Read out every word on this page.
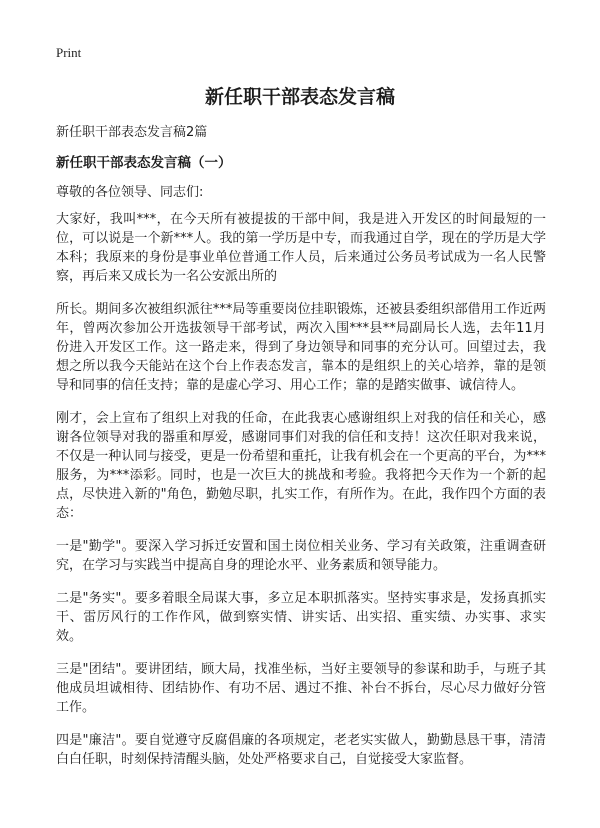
Print
新任职干部表态发言稿
新任职干部表态发言稿2篇
新任职干部表态发言稿（一）
尊敬的各位领导、同志们:

大家好，我叫***，在今天所有被提拔的干部中间，我是进入开发区的时间最短的一位，可以说是一个新***人。我的第一学历是中专，而我通过自学，现在的学历是大学本科；我原来的身份是事业单位普通工作人员，后来通过公务员考试成为一名人民警察，再后来又成长为一名公安派出所的

所长。期间多次被组织派往***局等重要岗位挂职锻炼，还被县委组织部借用工作近两年，曾两次参加公开选拔领导干部考试，两次入围***县**局副局长人选，去年11月份进入开发区工作。这一路走来，得到了身边领导和同事的充分认可。回望过去，我想之所以我今天能站在这个台上作表态发言，靠本的是组织上的关心培养，靠的是领导和同事的信任支持；靠的是虚心学习、用心工作；靠的是踏实做事、诚信待人。

刚才，会上宣布了组织上对我的任命，在此我衷心感谢组织上对我的信任和关心，感谢各位领导对我的器重和厚爱，感谢同事们对我的信任和支持！这次任职对我来说，不仅是一种认同与接受，更是一份希望和重托，让我有机会在一个更高的平台，为***服务，为***添彩。同时，也是一次巨大的挑战和考验。我将把今天作为一个新的起点，尽快进入新的"角色，勤勉尽职，扎实工作，有所作为。在此，我作四个方面的表态：

一是"勤学"。要深入学习拆迁安置和国土岗位相关业务、学习有关政策，注重调查研究，在学习与实践当中提高自身的理论水平、业务素质和领导能力。

二是"务实"。要多着眼全局谋大事，多立足本职抓落实。坚持实事求是，发扬真抓实干、雷厉风行的工作作风，做到察实情、讲实话、出实招、重实绩、办实事、求实效。

三是"团结"。要讲团结，顾大局，找准坐标，当好主要领导的参谋和助手，与班子其他成员坦诚相待、团结协作、有功不居、遇过不推、补台不拆台，尽心尽力做好分管工作。

四是"廉洁"。要自觉遵守反腐倡廉的各项规定，老老实实做人，勤勤恳恳干事，清清白白任职，时刻保持清醒头脑，处处严格要求自己，自觉接受大家监督。
